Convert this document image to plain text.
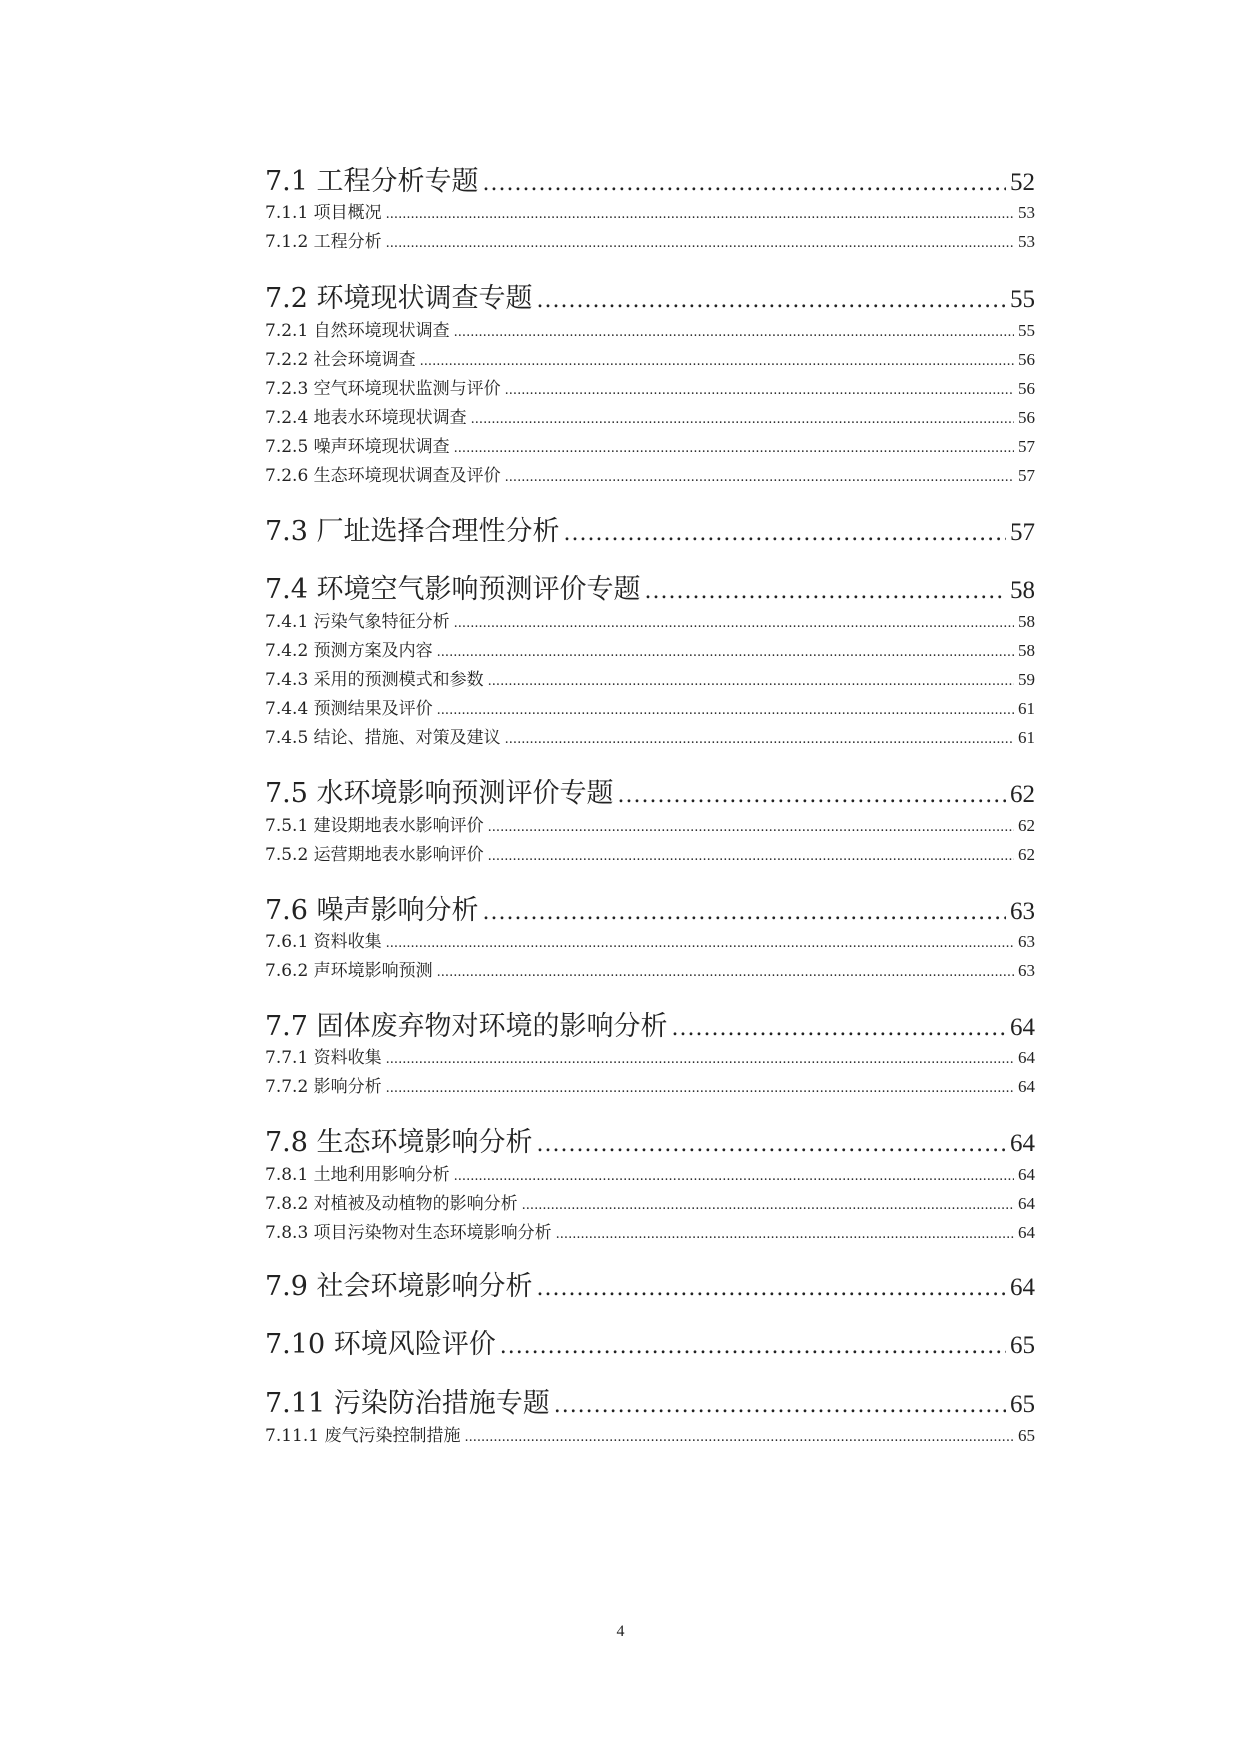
7.1 工程分析专题 .....	52
7.1.1 项目概况 .....	53
7.1.2 工程分析 .....	53
7.2 环境现状调查专题 .....	55
7.2.1 自然环境现状调查 .....	55
7.2.2 社会环境调查 .....	56
7.2.3 空气环境现状监测与评价 .....	56
7.2.4 地表水环境现状调查 .....	56
7.2.5 噪声环境现状调查 .....	57
7.2.6 生态环境现状调查及评价 .....	57
7.3 厂址选择合理性分析 .....	57
7.4 环境空气影响预测评价专题 .....	58
7.4.1 污染气象特征分析 .....	58
7.4.2 预测方案及内容 .....	58
7.4.3 采用的预测模式和参数 .....	59
7.4.4 预测结果及评价 .....	61
7.4.5 结论、措施、对策及建议 .....	61
7.5 水环境影响预测评价专题 .....	62
7.5.1 建设期地表水影响评价 .....	62
7.5.2 运营期地表水影响评价 .....	62
7.6 噪声影响分析 .....	63
7.6.1 资料收集 .....	63
7.6.2 声环境影响预测 .....	63
7.7 固体废弃物对环境的影响分析 .....	64
7.7.1 资料收集 .....	64
7.7.2 影响分析 .....	64
7.8 生态环境影响分析 .....	64
7.8.1 土地利用影响分析 .....	64
7.8.2 对植被及动植物的影响分析 .....	64
7.8.3 项目污染物对生态环境影响分析 .....	64
7.9 社会环境影响分析 .....	64
7.10 环境风险评价 .....	65
7.11 污染防治措施专题 .....	65
7.11.1 废气污染控制措施 .....	65
4
